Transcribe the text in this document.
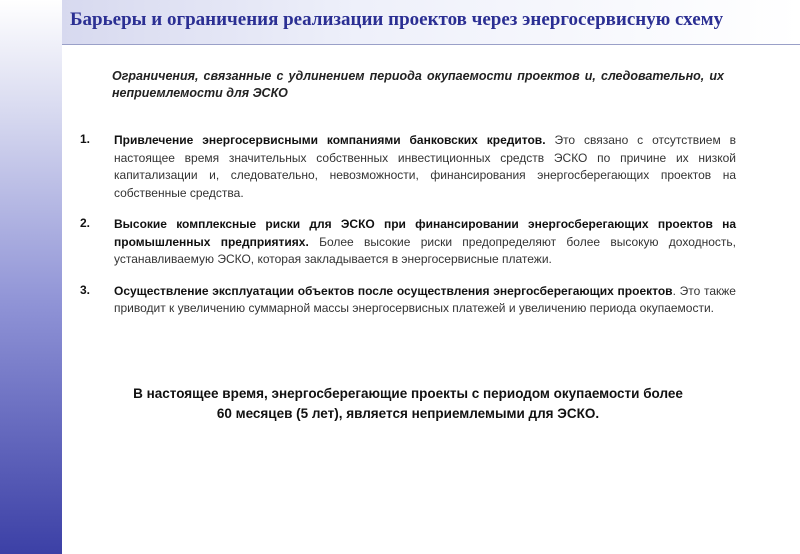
Барьеры и ограничения реализации проектов через энергосервисную схему
Ограничения, связанные с удлинением периода окупаемости проектов и, следовательно, их неприемлемости для ЭСКО
1. Привлечение энергосервисными компаниями банковских кредитов. Это связано с отсутствием в настоящее время значительных собственных инвестиционных средств ЭСКО по причине их низкой капитализации и, следовательно, невозможности, финансирования энергосберегающих проектов на собственные средства.
2. Высокие комплексные риски для ЭСКО при финансировании энергосберегающих проектов на промышленных предприятиях. Более высокие риски предопределяют более высокую доходность, устанавливаемую ЭСКО, которая закладывается в энергосервисные платежи.
3. Осуществление эксплуатации объектов после осуществления энергосберегающих проектов. Это также приводит к увеличению суммарной массы энергосервисных платежей и увеличению периода окупаемости.
В настоящее время, энергосберегающие проекты с периодом окупаемости более
60 месяцев (5 лет), является неприемлемыми для ЭСКО.
